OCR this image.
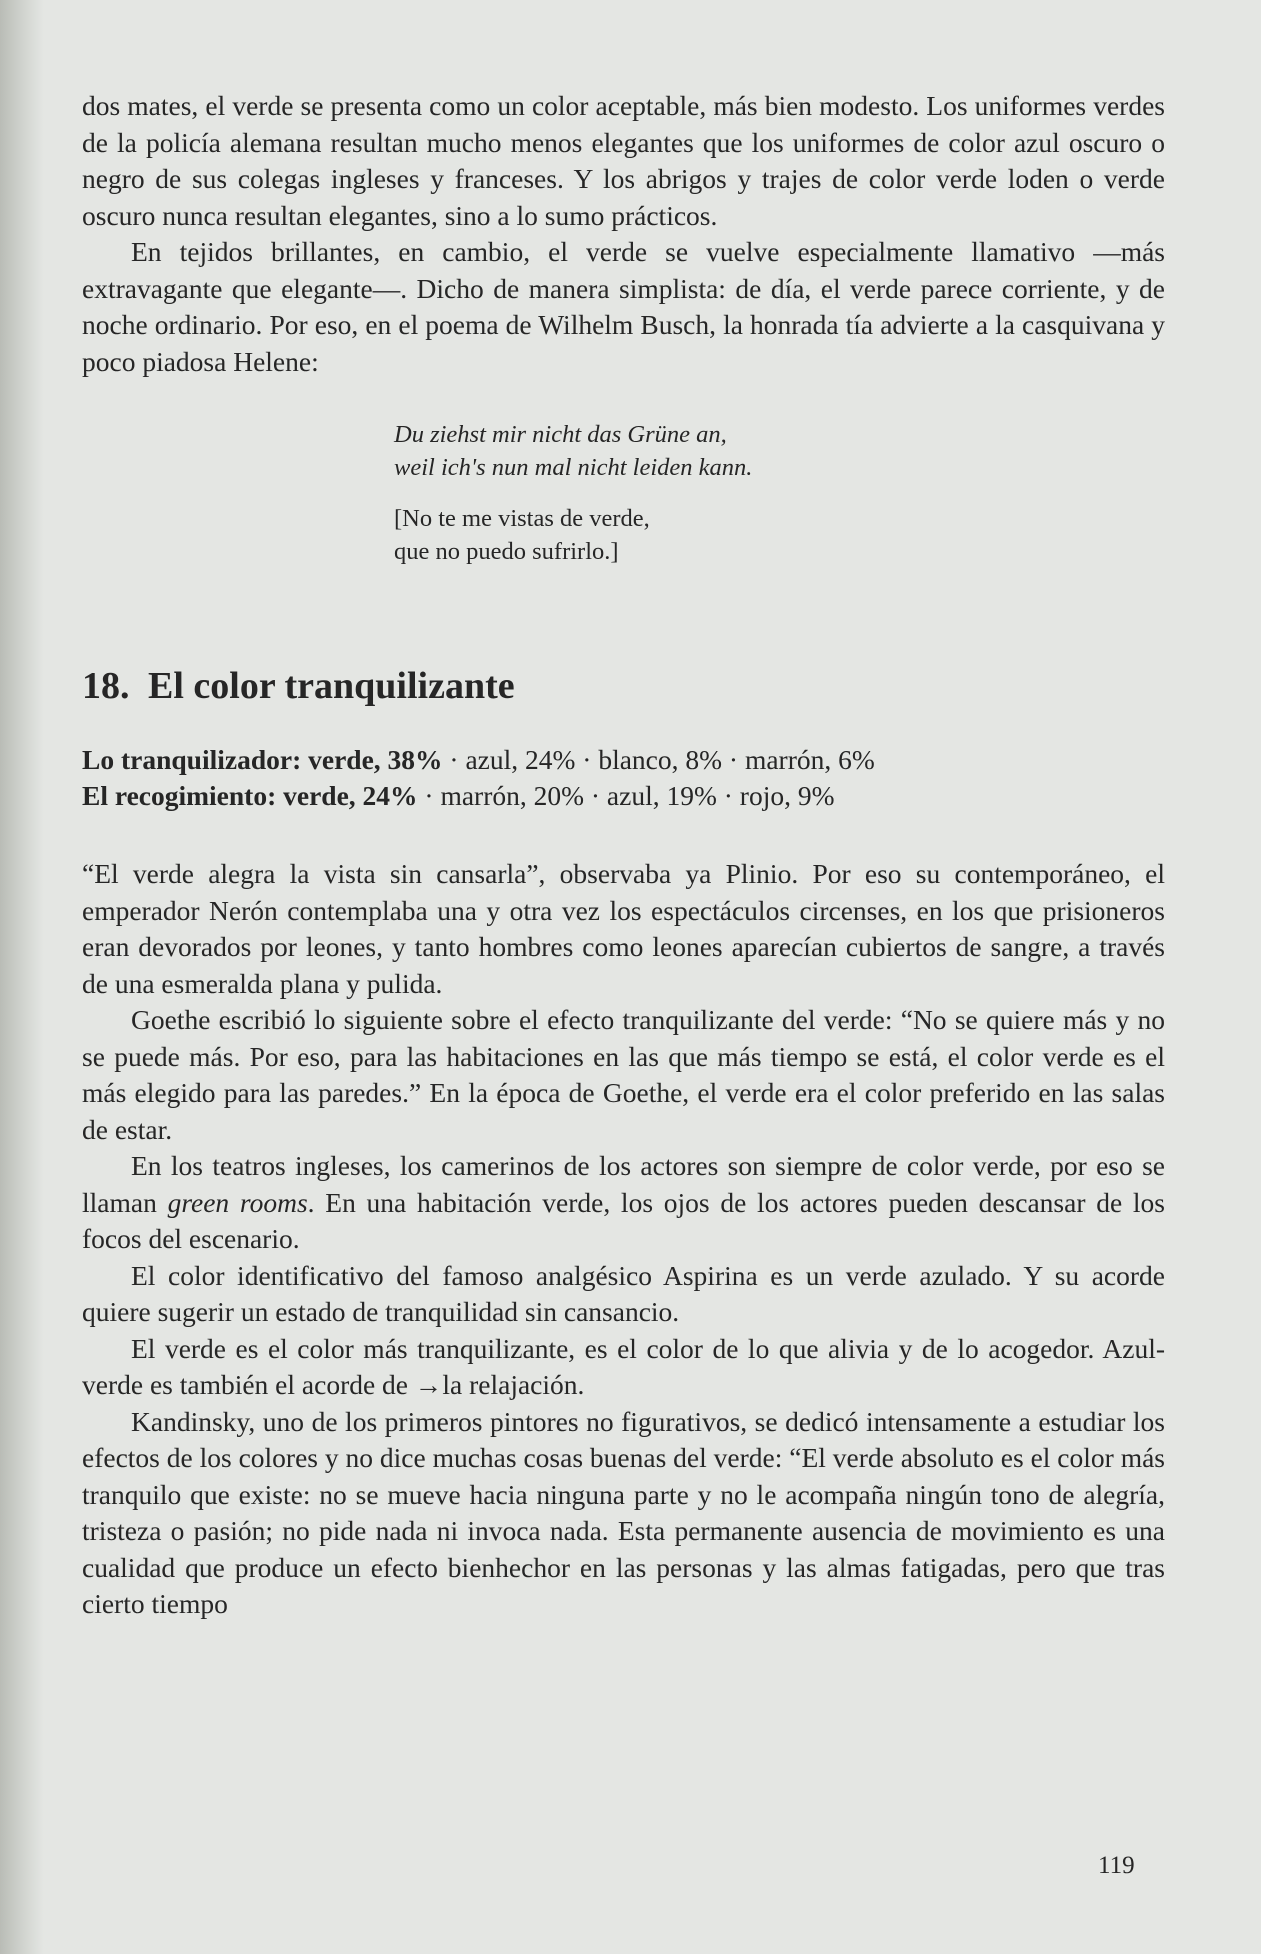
dos mates, el verde se presenta como un color aceptable, más bien modesto. Los uniformes verdes de la policía alemana resultan mucho menos elegantes que los uniformes de color azul oscuro o negro de sus colegas ingleses y franceses. Y los abrigos y trajes de color verde loden o verde oscuro nunca resultan elegantes, sino a lo sumo prácticos.

En tejidos brillantes, en cambio, el verde se vuelve especialmente llamativo —más extravagante que elegante—. Dicho de manera simplista: de día, el verde parece corriente, y de noche ordinario. Por eso, en el poema de Wilhelm Busch, la honrada tía advierte a la casquivana y poco piadosa Helene:

Du ziehst mir nicht das Grüne an,
weil ich's nun mal nicht leiden kann.
[No te me vistas de verde,
que no puedo sufrirlo.]
18. El color tranquilizante
Lo tranquilizador: verde, 38% · azul, 24% · blanco, 8% · marrón, 6%
El recogimiento: verde, 24% · marrón, 20% · azul, 19% · rojo, 9%

“El verde alegra la vista sin cansarla”, observaba ya Plinio. Por eso su contemporáneo, el emperador Nerón contemplaba una y otra vez los espectáculos circenses, en los que prisioneros eran devorados por leones, y tanto hombres como leones aparecían cubiertos de sangre, a través de una esmeralda plana y pulida.

Goethe escribió lo siguiente sobre el efecto tranquilizante del verde: “No se quiere más y no se puede más. Por eso, para las habitaciones en las que más tiempo se está, el color verde es el más elegido para las paredes.” En la época de Goethe, el verde era el color preferido en las salas de estar.

En los teatros ingleses, los camerinos de los actores son siempre de color verde, por eso se llaman green rooms. En una habitación verde, los ojos de los actores pueden descansar de los focos del escenario.

El color identificativo del famoso analgésico Aspirina es un verde azulado. Y su acorde quiere sugerir un estado de tranquilidad sin cansancio.

El verde es el color más tranquilizante, es el color de lo que alivia y de lo acogedor. Azul-verde es también el acorde de →la relajación.

Kandinsky, uno de los primeros pintores no figurativos, se dedicó intensamente a estudiar los efectos de los colores y no dice muchas cosas buenas del verde: “El verde absoluto es el color más tranquilo que existe: no se mueve hacia ninguna parte y no le acompaña ningún tono de alegría, tristeza o pasión; no pide nada ni invoca nada. Esta permanente ausencia de movimiento es una cualidad que produce un efecto bienhechor en las personas y las almas fatigadas, pero que tras cierto tiempo

119
